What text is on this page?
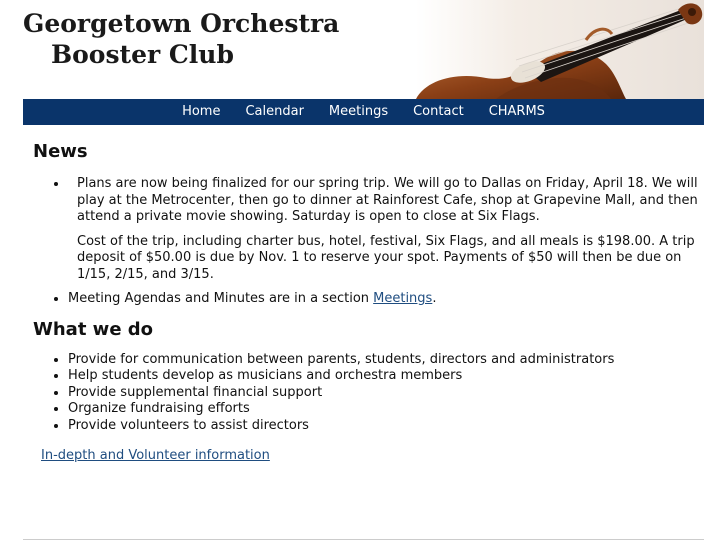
Georgetown Orchestra
Booster Club
Home Calendar Meetings Contact CHARMS
News

• Plans are now being finalized for our spring trip. We will go to Dallas on Friday, April 18. We will play at the Metrocenter, then go to dinner at Rainforest Cafe, shop at Grapevine Mall, and then attend a private movie showing. Saturday is open to close at Six Flags.

Cost of the trip, including charter bus, hotel, festival, Six Flags, and all meals is $198.00. A trip deposit of $50.00 is due by Nov. 1 to reserve your spot. Payments of $50 will then be due on 1/15, 2/15, and 3/15.

• Meeting Agendas and Minutes are in a section Meetings.
What we do
• Provide for communication between parents, students, directors and administrators
• Help students develop as musicians and orchestra members
• Provide supplemental financial support
• Organize fundraising efforts
• Provide volunteers to assist directors
In-depth and Volunteer information
